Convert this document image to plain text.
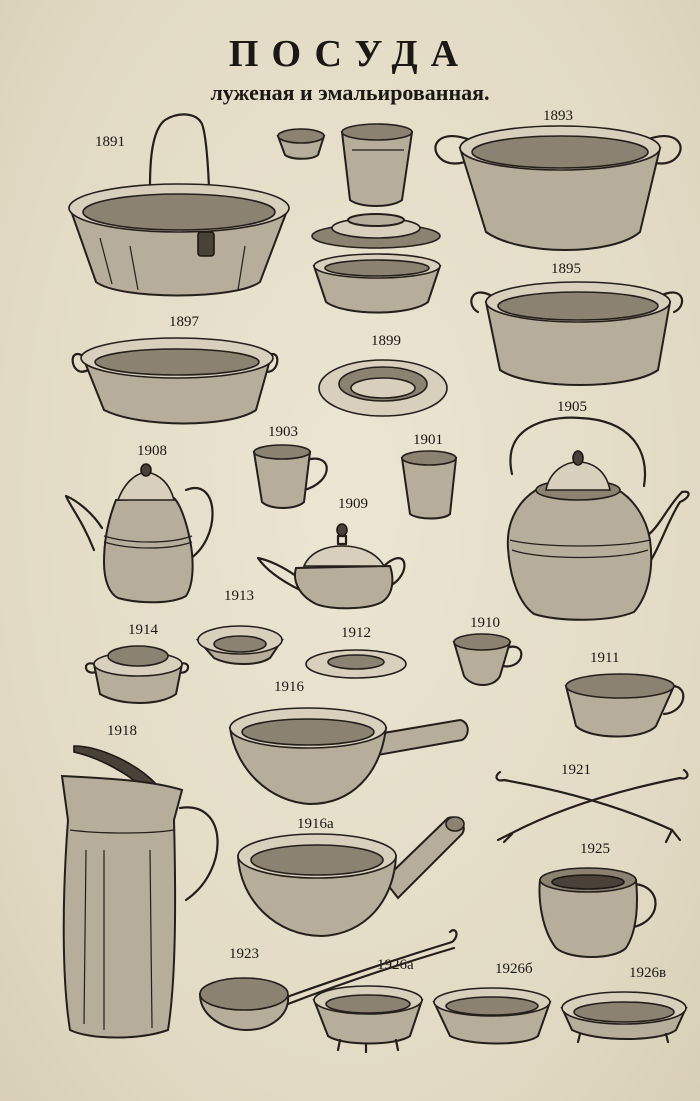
ПОСУДА
луженая и эмальированная.
1891
1893
1895
1897
1899
1903	1901
1905
1908
1909
1913
1914	1912
1910
1911
1916
1918
1921
1916а
1925
1923
1926а	1926б	1926в
